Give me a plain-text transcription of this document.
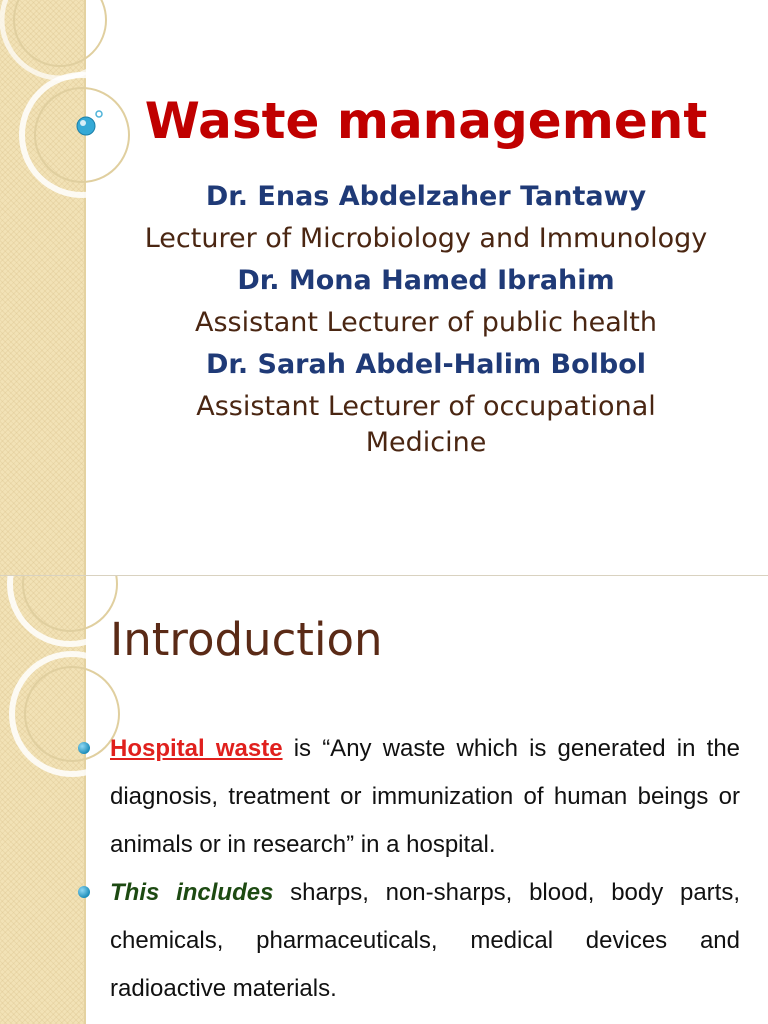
Waste management
Dr. Enas Abdelzaher Tantawy
Lecturer of Microbiology and Immunology
Dr. Mona Hamed Ibrahim
Assistant Lecturer of public health
Dr. Sarah Abdel-Halim Bolbol
Assistant Lecturer of occupational
Medicine
Introduction
Hospital waste is “Any waste which is generated in the diagnosis, treatment or immunization of human beings or animals or in research” in a hospital.
This includes sharps, non-sharps, blood, body parts, chemicals, pharmaceuticals, medical devices and radioactive materials.
